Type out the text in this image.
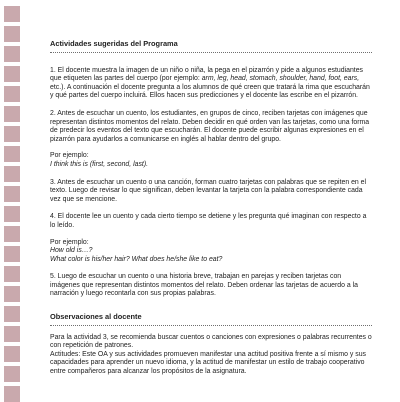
Actividades sugeridas del Programa

1. El docente muestra la imagen de un niño o niña, la pega en el pizarrón y pide a algunos estudiantes que etiqueten las partes del cuerpo (por ejemplo: arm, leg, head, stomach, shoulder, hand, foot, ears, etc.). A continuación el docente pregunta a los alumnos de qué creen que tratará la rima que escucharán y qué partes del cuerpo incluirá. Ellos hacen sus predicciones y el docente las escribe en el pizarrón.

2. Antes de escuchar un cuento, los estudiantes, en grupos de cinco, reciben tarjetas con imágenes que representan distintos momentos del relato. Deben decidir en qué orden van las tarjetas, como una forma de predecir los eventos del texto que escucharán. El docente puede escribir algunas expresiones en el pizarrón para ayudarlos a comunicarse en inglés al hablar dentro del grupo.

Por ejemplo:

I think this is (first, second, last).

3. Antes de escuchar un cuento o una canción, forman cuatro tarjetas con palabras que se repiten en el texto. Luego de revisar lo que significan, deben levantar la tarjeta con la palabra correspondiente cada vez que se mencione.

4. El docente lee un cuento y cada cierto tiempo se detiene y les pregunta qué imaginan con respecto a lo leído.

Por ejemplo:

How old is…?

What color is his/her hair? What does he/she like to eat?

5. Luego de escuchar un cuento o una historia breve, trabajan en parejas y reciben tarjetas con imágenes que representan distintos momentos del relato. Deben ordenar las tarjetas de acuerdo a la narración y luego recontarla con sus propias palabras.

Observaciones al docente

Para la actividad 3, se recomienda buscar cuentos o canciones con expresiones o palabras recurrentes o con repetición de patrones.

Actitudes: Este OA y sus actividades promueven manifestar una actitud positiva frente a sí mismo y sus capacidades para aprender un nuevo idioma, y la actitud de manifestar un estilo de trabajo cooperativo entre compañeros para alcanzar los propósitos de la asignatura.
